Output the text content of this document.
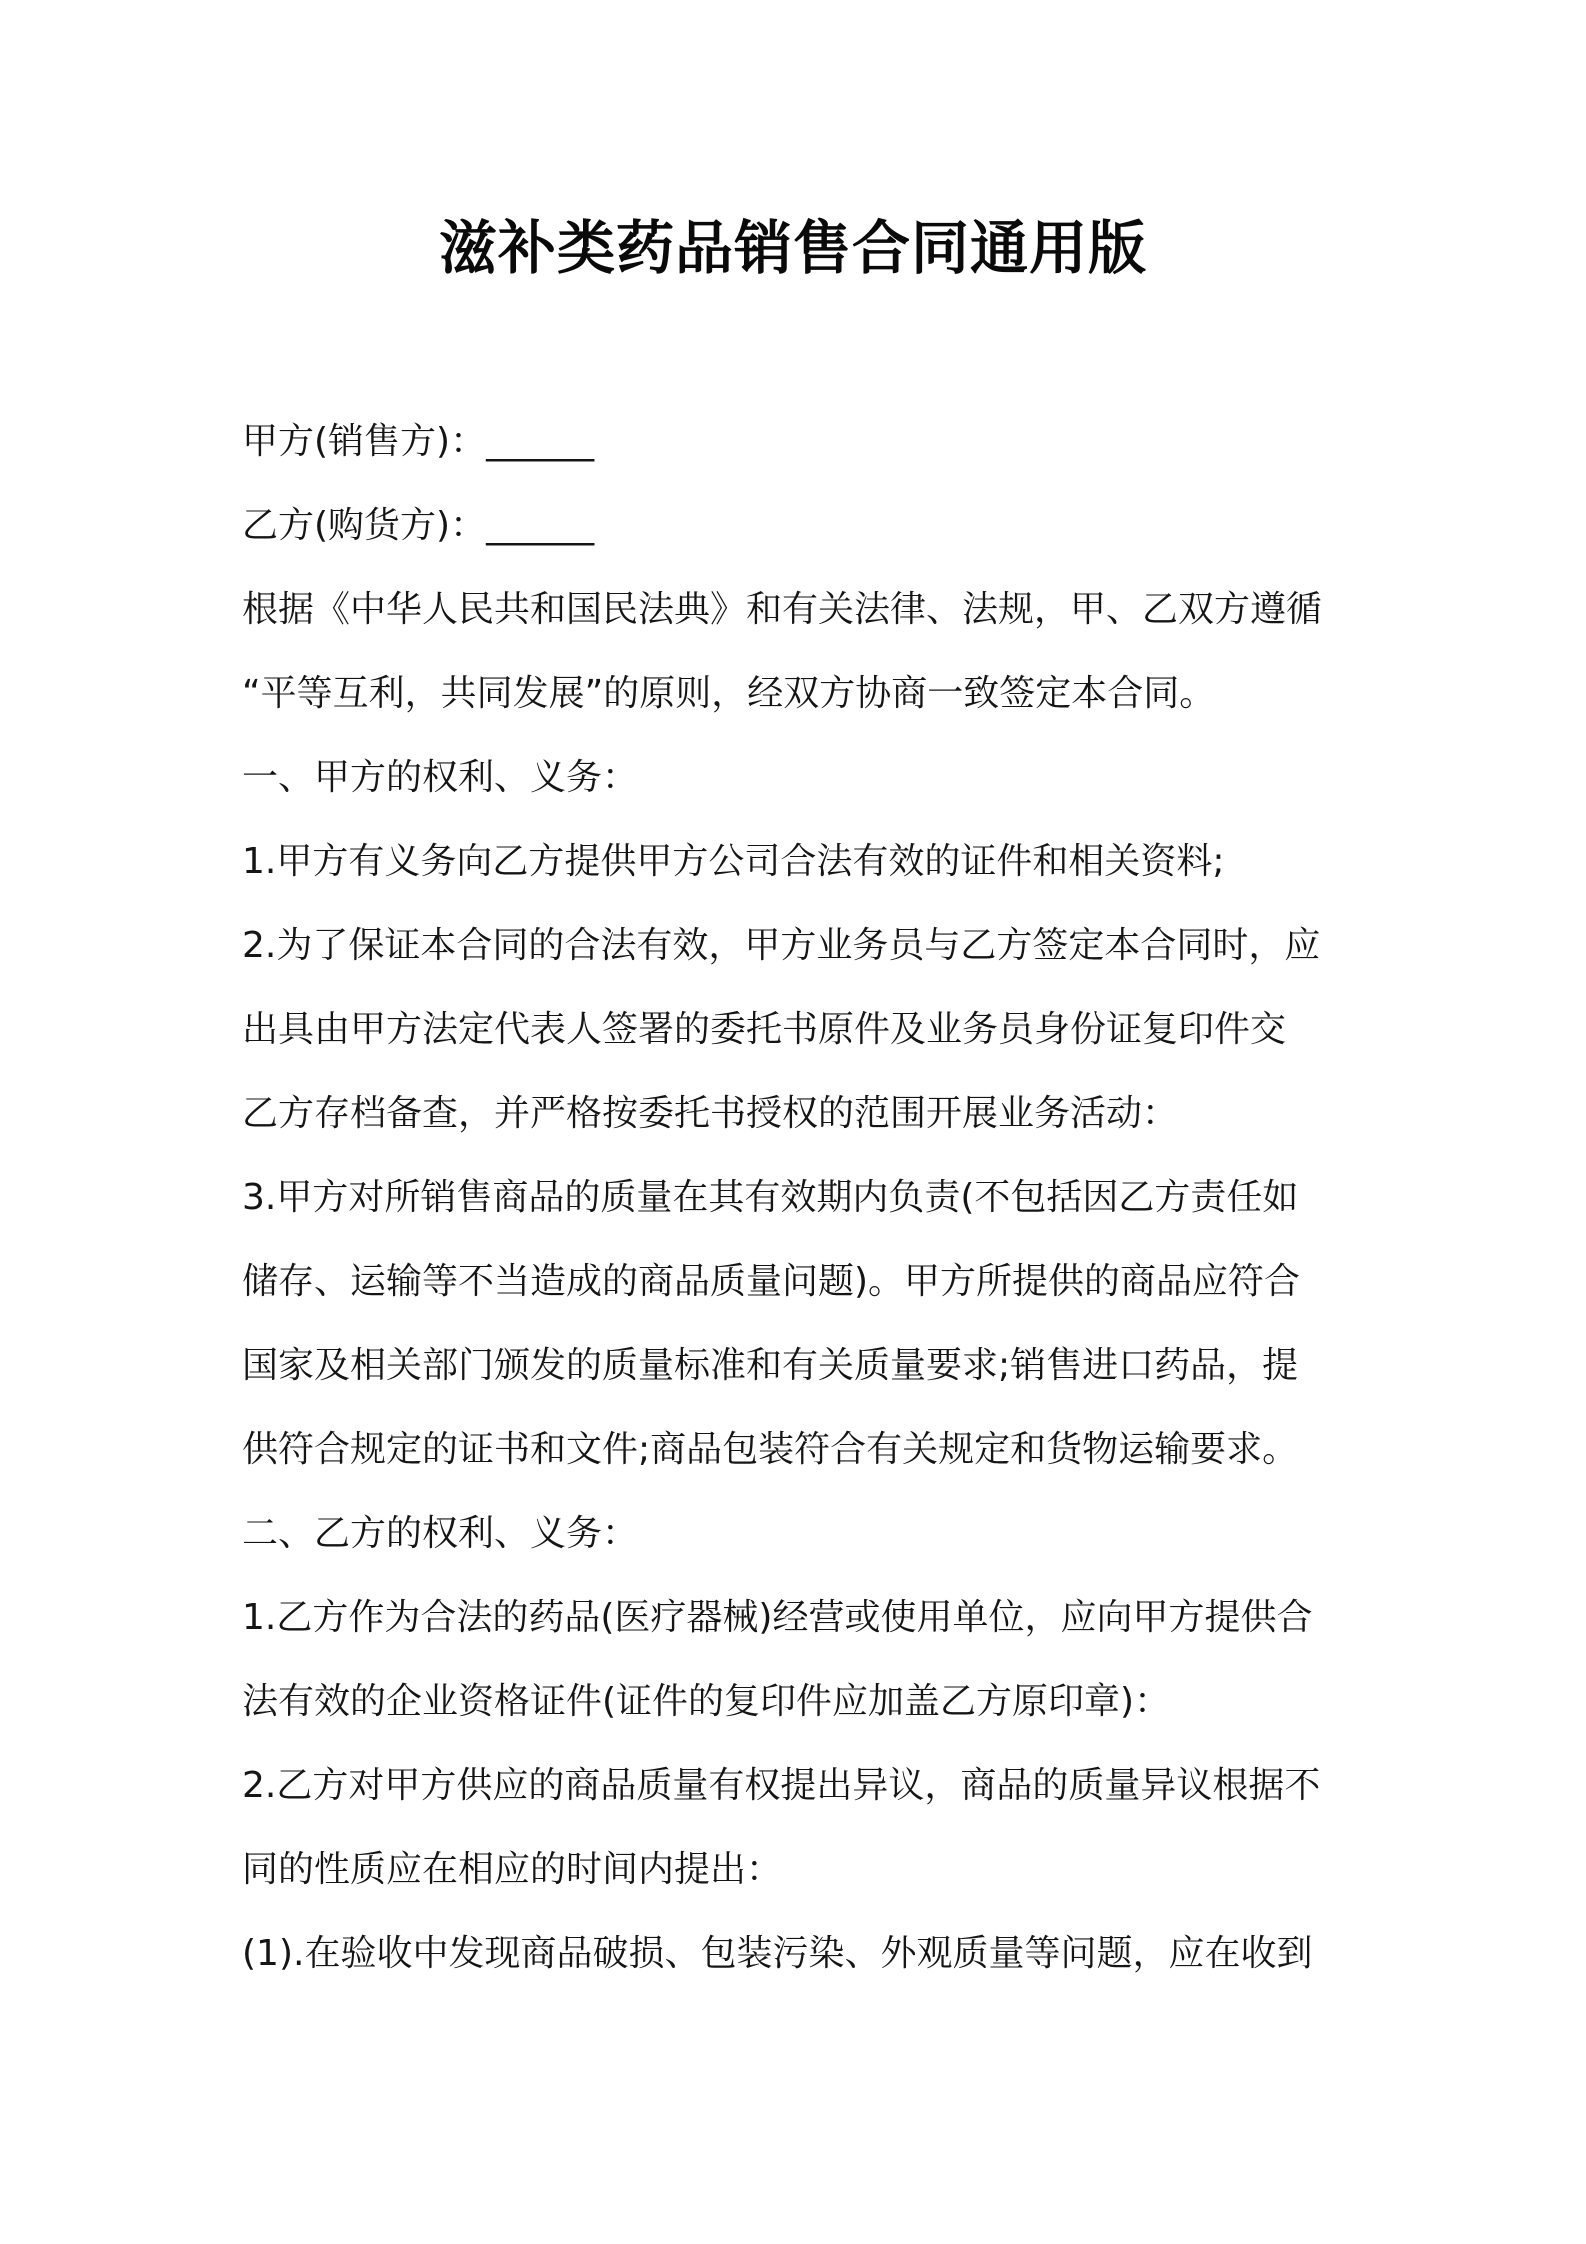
滋补类药品销售合同通用版
甲方(销售方)：______
乙方(购货方)：______
根据《中华人民共和国民法典》和有关法律、法规，甲、乙双方遵循
“平等互利，共同发展”的原则，经双方协商一致签定本合同。
一、甲方的权利、义务：
1.甲方有义务向乙方提供甲方公司合法有效的证件和相关资料;
2.为了保证本合同的合法有效，甲方业务员与乙方签定本合同时，应
出具由甲方法定代表人签署的委托书原件及业务员身份证复印件交
乙方存档备查，并严格按委托书授权的范围开展业务活动：
3.甲方对所销售商品的质量在其有效期内负责(不包括因乙方责任如
储存、运输等不当造成的商品质量问题)。甲方所提供的商品应符合
国家及相关部门颁发的质量标准和有关质量要求;销售进口药品，提
供符合规定的证书和文件;商品包装符合有关规定和货物运输要求。
二、乙方的权利、义务：
1.乙方作为合法的药品(医疗器械)经营或使用单位，应向甲方提供合
法有效的企业资格证件(证件的复印件应加盖乙方原印章)：
2.乙方对甲方供应的商品质量有权提出异议，商品的质量异议根据不
同的性质应在相应的时间内提出：
(1).在验收中发现商品破损、包装污染、外观质量等问题，应在收到
